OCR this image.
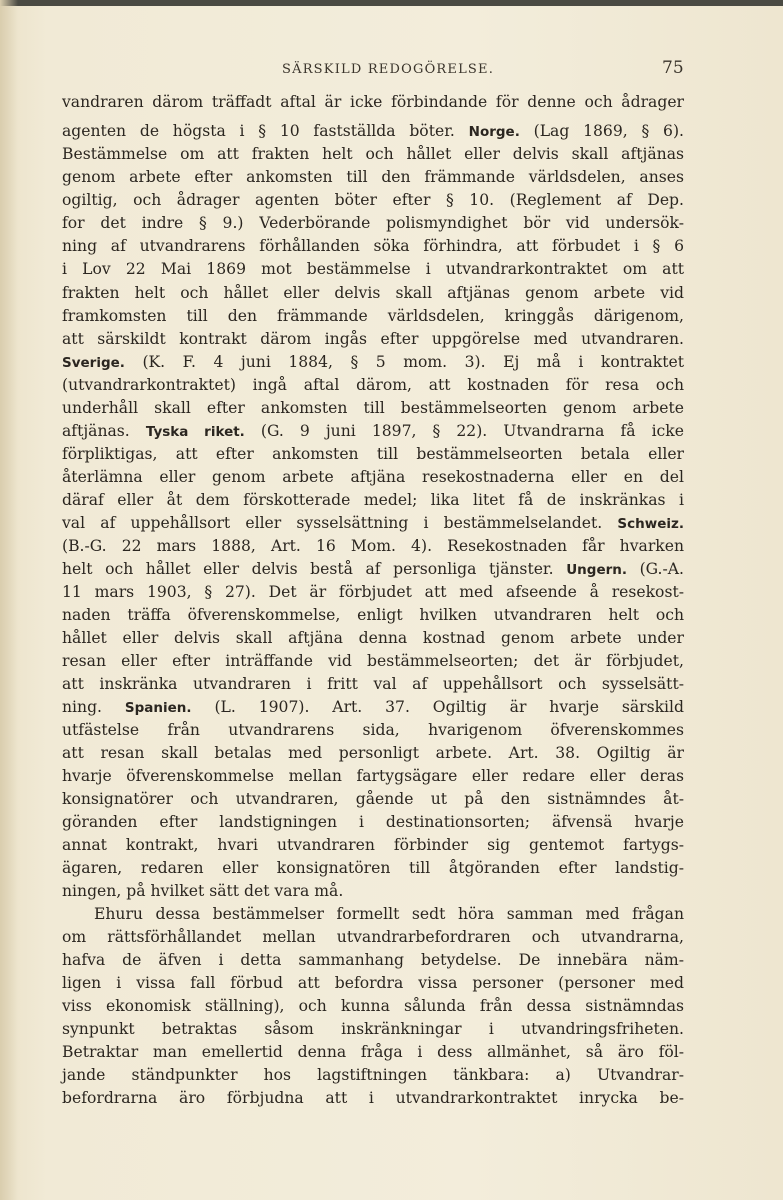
SÄRSKILD REDOGÖRELSE.	75
vandraren därom träffadt aftal är icke förbindande för denne och ådrager
agenten de högsta i § 10 fastställda böter. Norge. (Lag 1869, § 6).
Bestämmelse om att frakten helt och hållet eller delvis skall aftjänas
genom arbete efter ankomsten till den främmande världsdelen, anses
ogiltig, och ådrager agenten böter efter § 10. (Reglement af Dep.
for det indre § 9.) Vederbörande polismyndighet bör vid undersök-
ning af utvandrarens förhållanden söka förhindra, att förbudet i § 6
i Lov 22 Mai 1869 mot bestämmelse i utvandrarkontraktet om att
frakten helt och hållet eller delvis skall aftjänas genom arbete vid
framkomsten till den främmande världsdelen, kringgås därigenom,
att särskildt kontrakt därom ingås efter uppgörelse med utvandraren.
Sverige. (K. F. 4 juni 1884, § 5 mom. 3). Ej må i kontraktet
(utvandrarkontraktet) ingå aftal därom, att kostnaden för resa och
underhåll skall efter ankomsten till bestämmelseorten genom arbete
aftjänas. Tyska riket. (G. 9 juni 1897, § 22). Utvandrarna få icke
förpliktigas, att efter ankomsten till bestämmelseorten betala eller
återlämna eller genom arbete aftjäna resekostnaderna eller en del
däraf eller åt dem förskotterade medel; lika litet få de inskränkas i
val af uppehållsort eller sysselsättning i bestämmelselandet. Schweiz.
(B.-G. 22 mars 1888, Art. 16 Mom. 4). Resekostnaden får hvarken
helt och hållet eller delvis bestå af personliga tjänster. Ungern. (G.-A.
11 mars 1903, § 27). Det är förbjudet att med afseende å resekost-
naden träffa öfverenskommelse, enligt hvilken utvandraren helt och
hållet eller delvis skall aftjäna denna kostnad genom arbete under
resan eller efter inträffande vid bestämmelseorten; det är förbjudet,
att inskränka utvandraren i fritt val af uppehållsort och sysselsätt-
ning. Spanien. (L. 1907). Art. 37. Ogiltig är hvarje särskild
utfästelse från utvandrarens sida, hvarigenom öfverenskommes
att resan skall betalas med personligt arbete. Art. 38. Ogiltig är
hvarje öfverenskommelse mellan fartygsägare eller redare eller deras
konsignatörer och utvandraren, gående ut på den sistnämndes åt-
göranden efter landstigningen i destinationsorten; äfvensä hvarje
annat kontrakt, hvari utvandraren förbinder sig gentemot fartygs-
ägaren, redaren eller konsignatören till åtgöranden efter landstig-
ningen, på hvilket sätt det vara må.
Ehuru dessa bestämmelser formellt sedt höra samman med frågan
om rättsförhållandet mellan utvandrarbefordraren och utvandrarna,
hafva de äfven i detta sammanhang betydelse. De innebära näm-
ligen i vissa fall förbud att befordra vissa personer (personer med
viss ekonomisk ställning), och kunna sålunda från dessa sistnämndas
synpunkt betraktas såsom inskränkningar i utvandringsfriheten.
Betraktar man emellertid denna fråga i dess allmänhet, så äro föl-
jande ständpunkter hos lagstiftningen tänkbara: a) Utvandrar-
befordrarna äro förbjudna att i utvandrarkontraktet inrycka be-
